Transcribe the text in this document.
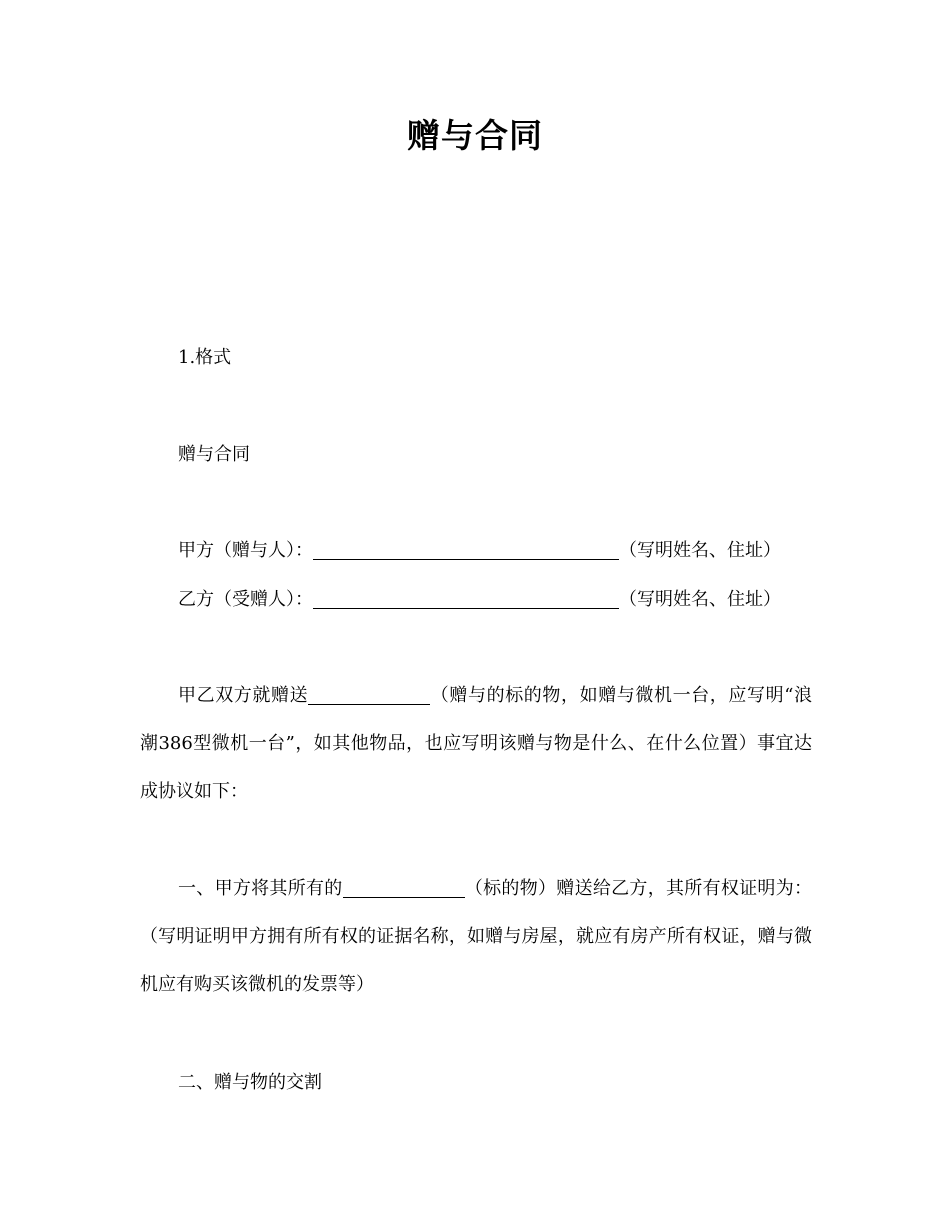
赠与合同
1.格式
赠与合同
甲方（赠与人）：	（写明姓名、住址）
乙方（受赠人）：	（写明姓名、住址）
甲乙双方就赠送	（赠与的标的物，如赠与微机一台，应写明“浪潮386型微机一台”，如其他物品，也应写明该赠与物是什么、在什么位置）事宜达成协议如下：
一、甲方将其所有的	（标的物）赠送给乙方，其所有权证明为：（写明证明甲方拥有所有权的证据名称，如赠与房屋，就应有房产所有权证，赠与微机应有购买该微机的发票等）
二、赠与物的交割
